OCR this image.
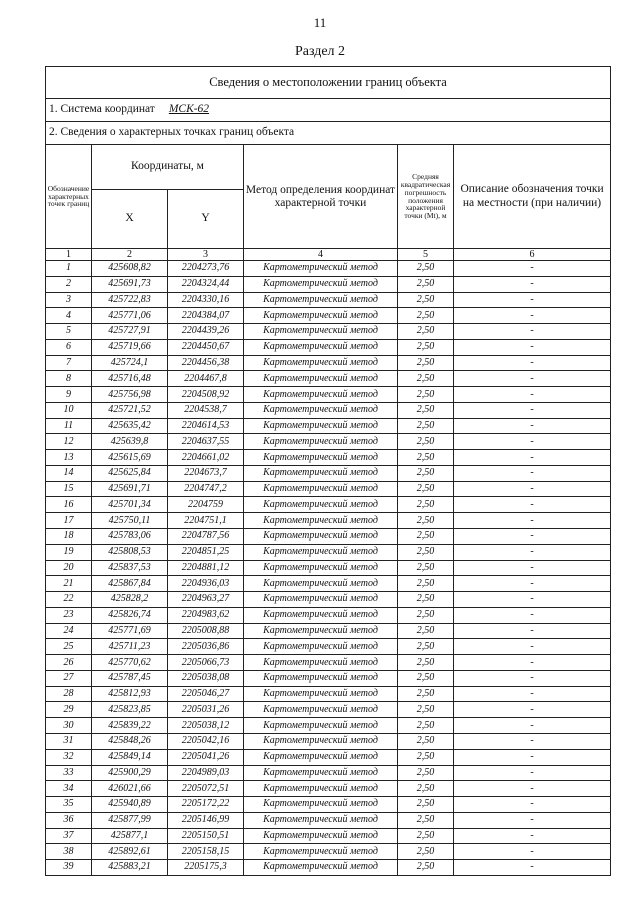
11
Раздел 2
Сведения о местоположении границ объекта					
1. Система координат МСК-62					
2. Сведения о характерных точках границ объекта					
Обозначение характерных точек границ	Координаты, м		Метод определения координат характерной точки	Средняя квадратическая погрешность положения характерной точки (Mt), м	Описание обозначения точки на местности (при наличии)
	X	Y			
1	2	3	4	5	6
1	425608,82	2204273,76	Картометрический метод	2,50	-
2	425691,73	2204324,44	Картометрический метод	2,50	-
3	425722,83	2204330,16	Картометрический метод	2,50	-
4	425771,06	2204384,07	Картометрический метод	2,50	-
5	425727,91	2204439,26	Картометрический метод	2,50	-
6	425719,66	2204450,67	Картометрический метод	2,50	-
7	425724,1	2204456,38	Картометрический метод	2,50	-
8	425716,48	2204467,8	Картометрический метод	2,50	-
9	425756,98	2204508,92	Картометрический метод	2,50	-
10	425721,52	2204538,7	Картометрический метод	2,50	-
11	425635,42	2204614,53	Картометрический метод	2,50	-
12	425639,8	2204637,55	Картометрический метод	2,50	-
13	425615,69	2204661,02	Картометрический метод	2,50	-
14	425625,84	2204673,7	Картометрический метод	2,50	-
15	425691,71	2204747,2	Картометрический метод	2,50	-
16	425701,34	2204759	Картометрический метод	2,50	-
17	425750,11	2204751,1	Картометрический метод	2,50	-
18	425783,06	2204787,56	Картометрический метод	2,50	-
19	425808,53	2204851,25	Картометрический метод	2,50	-
20	425837,53	2204881,12	Картометрический метод	2,50	-
21	425867,84	2204936,03	Картометрический метод	2,50	-
22	425828,2	2204963,27	Картометрический метод	2,50	-
23	425826,74	2204983,62	Картометрический метод	2,50	-
24	425771,69	2205008,88	Картометрический метод	2,50	-
25	425711,23	2205036,86	Картометрический метод	2,50	-
26	425770,62	2205066,73	Картометрический метод	2,50	-
27	425787,45	2205038,08	Картометрический метод	2,50	-
28	425812,93	2205046,27	Картометрический метод	2,50	-
29	425823,85	2205031,26	Картометрический метод	2,50	-
30	425839,22	2205038,12	Картометрический метод	2,50	-
31	425848,26	2205042,16	Картометрический метод	2,50	-
32	425849,14	2205041,26	Картометрический метод	2,50	-
33	425900,29	2204989,03	Картометрический метод	2,50	-
34	426021,66	2205072,51	Картометрический метод	2,50	-
35	425940,89	2205172,22	Картометрический метод	2,50	-
36	425877,99	2205146,99	Картометрический метод	2,50	-
37	425877,1	2205150,51	Картометрический метод	2,50	-
38	425892,61	2205158,15	Картометрический метод	2,50	-
39	425883,21	2205175,3	Картометрический метод	2,50	-
